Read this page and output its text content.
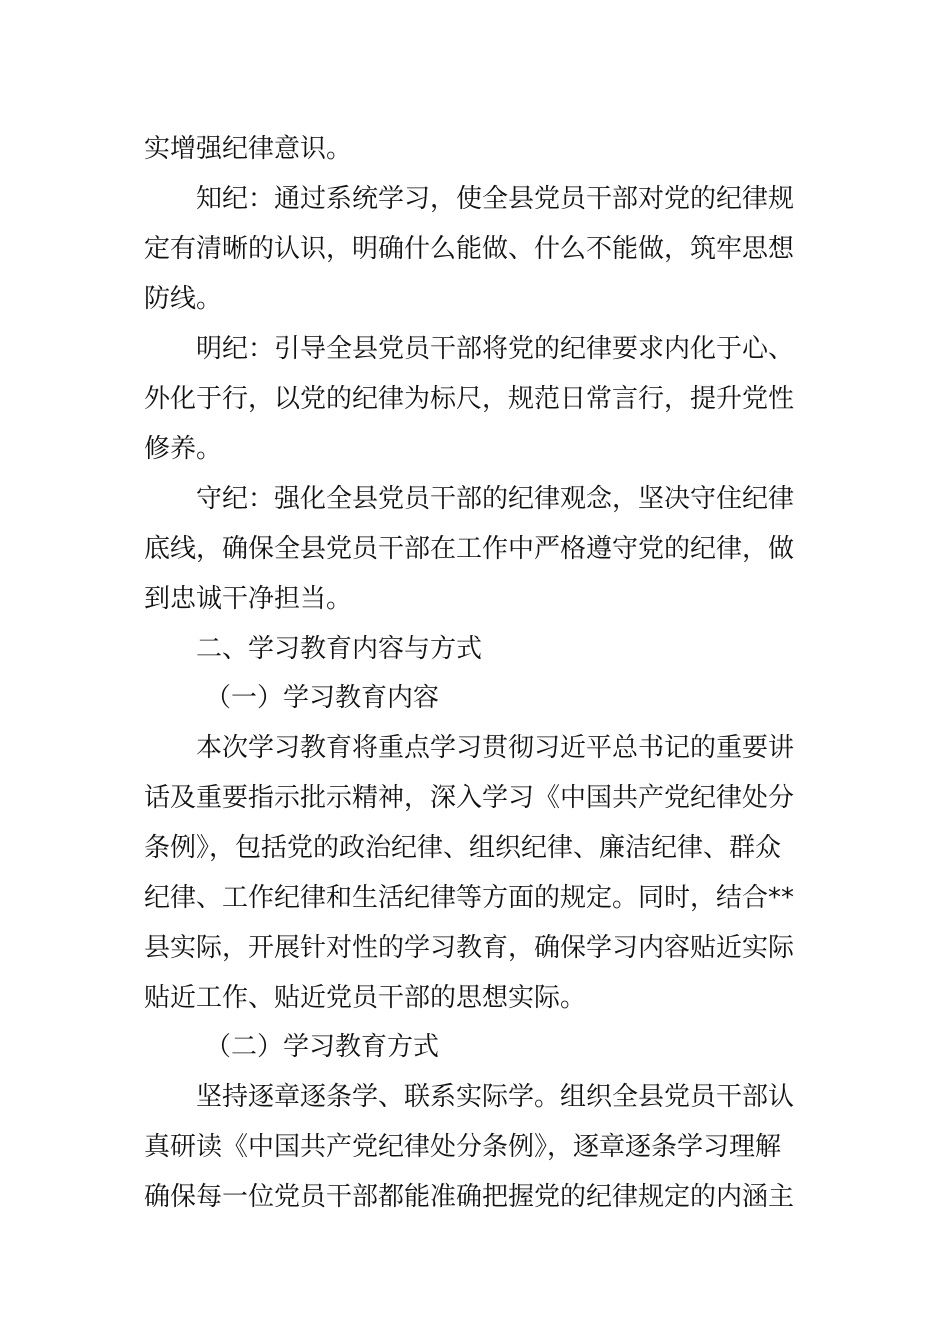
实增强纪律意识。
知纪：通过系统学习，使全县党员干部对党的纪律规
定有清晰的认识，明确什么能做、什么不能做，筑牢思想
防线。
明纪：引导全县党员干部将党的纪律要求内化于心、
外化于行，以党的纪律为标尺，规范日常言行，提升党性
修养。
守纪：强化全县党员干部的纪律观念，坚决守住纪律
底线，确保全县党员干部在工作中严格遵守党的纪律，做
到忠诚干净担当。
二、学习教育内容与方式
（一）学习教育内容
本次学习教育将重点学习贯彻习近平总书记的重要讲
话及重要指示批示精神，深入学习《中国共产党纪律处分
条例》，包括党的政治纪律、组织纪律、廉洁纪律、群众
纪律、工作纪律和生活纪律等方面的规定。同时，结合**
县实际，开展针对性的学习教育，确保学习内容贴近实际
贴近工作、贴近党员干部的思想实际。
（二）学习教育方式
坚持逐章逐条学、联系实际学。组织全县党员干部认
真研读《中国共产党纪律处分条例》，逐章逐条学习理解
确保每一位党员干部都能准确把握党的纪律规定的内涵主
